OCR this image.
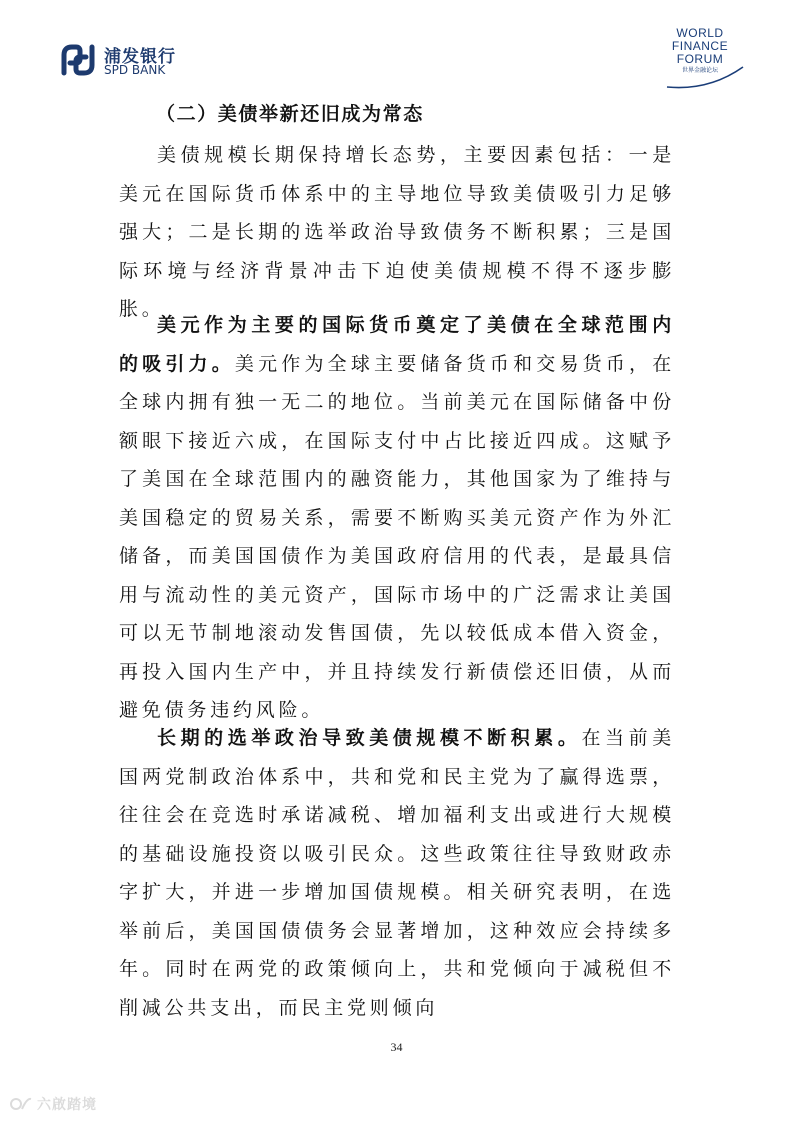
浦发银行
SPD BANK
WORLD
FINANCE
FORUM
世界金融论坛
（二）美债举新还旧成为常态

美债规模长期保持增长态势，主要因素包括：一是美元在国际货币体系中的主导地位导致美债吸引力足够强大；二是长期的选举政治导致债务不断积累；三是国际环境与经济背景冲击下迫使美债规模不得不逐步膨胀。

美元作为主要的国际货币奠定了美债在全球范围内的吸引力。美元作为全球主要储备货币和交易货币，在全球内拥有独一无二的地位。当前美元在国际储备中份额眼下接近六成，在国际支付中占比接近四成。这赋予了美国在全球范围内的融资能力，其他国家为了维持与美国稳定的贸易关系，需要不断购买美元资产作为外汇储备，而美国国债作为美国政府信用的代表，是最具信用与流动性的美元资产，国际市场中的广泛需求让美国可以无节制地滚动发售国债，先以较低成本借入资金，再投入国内生产中，并且持续发行新债偿还旧债，从而避免债务违约风险。

长期的选举政治导致美债规模不断积累。在当前美国两党制政治体系中，共和党和民主党为了赢得选票，往往会在竞选时承诺减税、增加福利支出或进行大规模的基础设施投资以吸引民众。这些政策往往导致财政赤字扩大，并进一步增加国债规模。相关研究表明，在选举前后，美国国债债务会显著增加，这种效应会持续多年。同时在两党的政策倾向上，共和党倾向于减税但不削减公共支出，而民主党则倾向

34
六啟踏境
